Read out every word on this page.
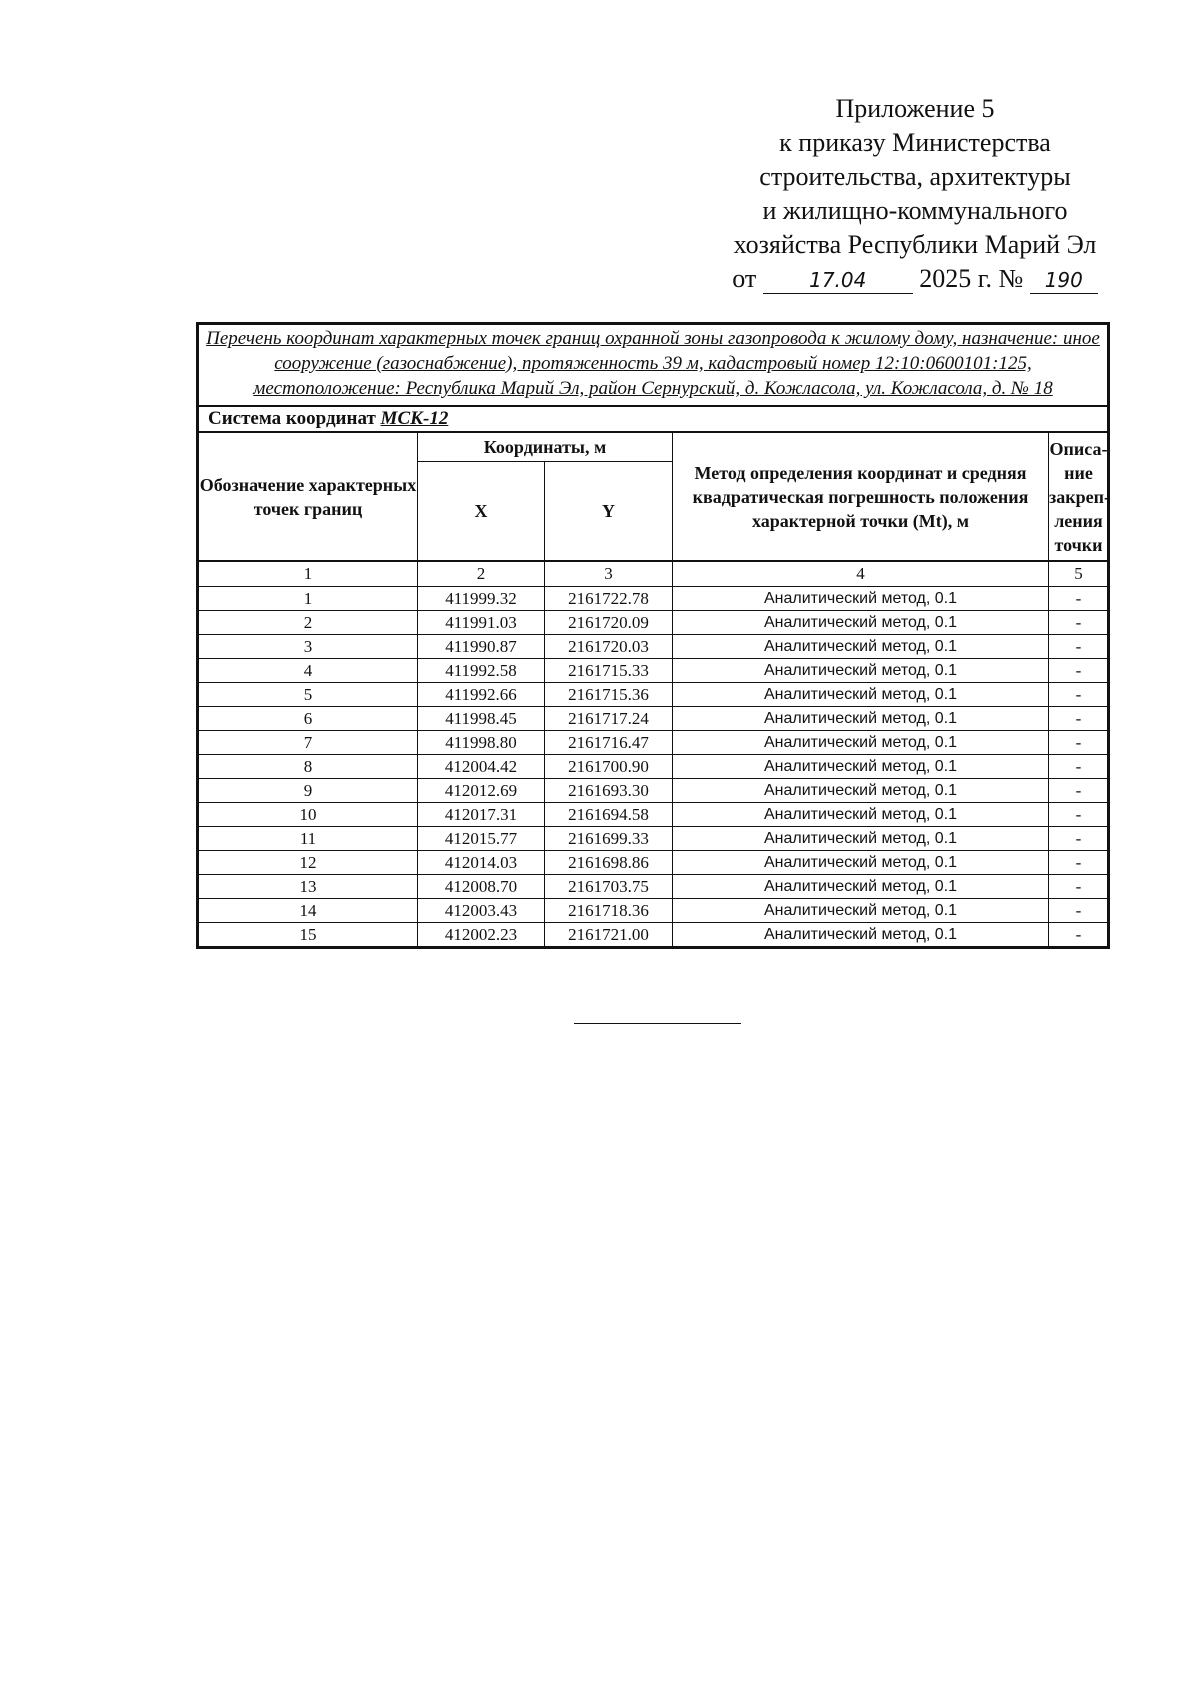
Приложение 5
к приказу Министерства
строительства, архитектуры
и жилищно-коммунального
хозяйства Республики Марий Эл
от	17.04 2025 г. № 190
Перечень координат характерных точек границ охранной зоны газопровода к жилому дому, назначение: иное сооружение (газоснабжение), протяженность 39 м, кадастровый номер 12:10:0600101:125, местоположение: Республика Марий Эл, район Сернурский, д. Кожласола, ул. Кожласола, д. № 18
Система координат МСК-12
Обозначение характерных точек границ	Координаты, м		Метод определения координат и средняя квадратическая погрешность положения характерной точки (Mt), м	Описа-ние закреп-ления точки
	X	Y		
1	2	3	4	5
1	411999.32	2161722.78	Аналитический метод, 0.1	-
2	411991.03	2161720.09	Аналитический метод, 0.1	-
3	411990.87	2161720.03	Аналитический метод, 0.1	-
4	411992.58	2161715.33	Аналитический метод, 0.1	-
5	411992.66	2161715.36	Аналитический метод, 0.1	-
6	411998.45	2161717.24	Аналитический метод, 0.1	-
7	411998.80	2161716.47	Аналитический метод, 0.1	-
8	412004.42	2161700.90	Аналитический метод, 0.1	-
9	412012.69	2161693.30	Аналитический метод, 0.1	-
10	412017.31	2161694.58	Аналитический метод, 0.1	-
11	412015.77	2161699.33	Аналитический метод, 0.1	-
12	412014.03	2161698.86	Аналитический метод, 0.1	-
13	412008.70	2161703.75	Аналитический метод, 0.1	-
14	412003.43	2161718.36	Аналитический метод, 0.1	-
15	412002.23	2161721.00	Аналитический метод, 0.1	-
